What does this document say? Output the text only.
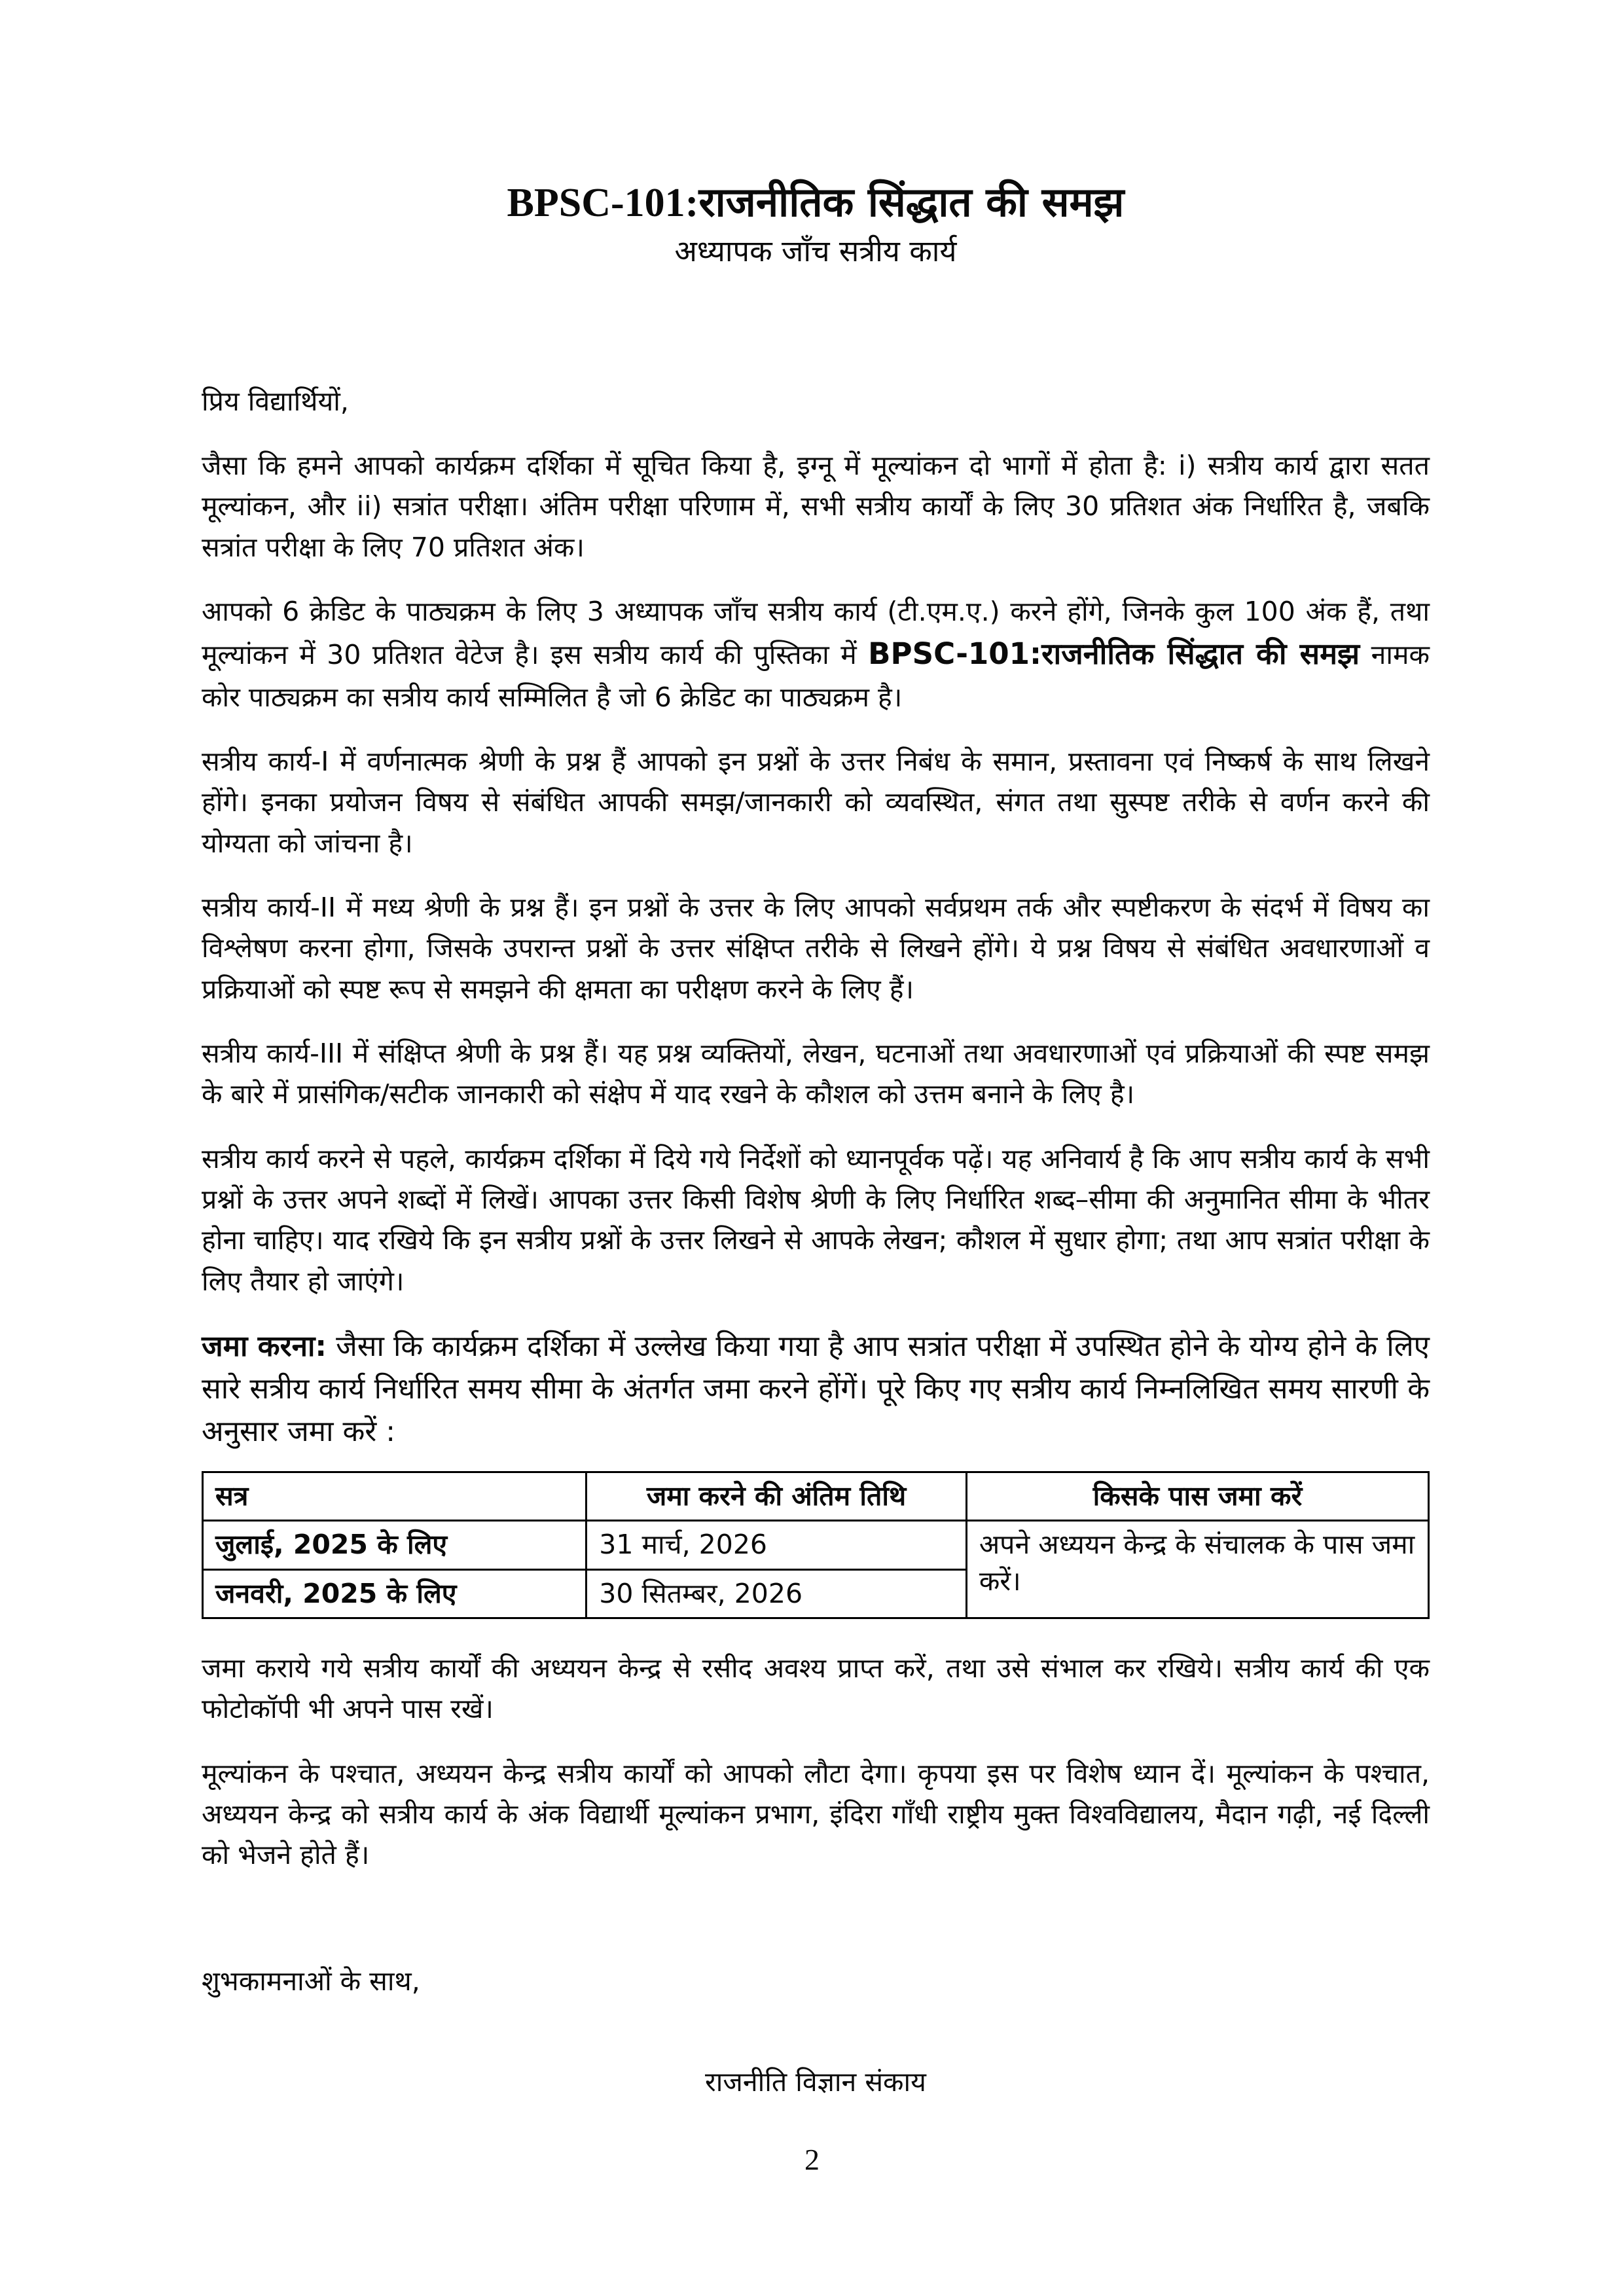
BPSC-101:राजनीतिक सिंद्धात की समझ
अध्यापक जाँच सत्रीय कार्य

प्रिय विद्यार्थियों,

जैसा कि हमने आपको कार्यक्रम दर्शिका में सूचित किया है, इग्नू में मूल्यांकन दो भागों में होता है: i) सत्रीय कार्य द्वारा सतत मूल्यांकन, और ii) सत्रांत परीक्षा। अंतिम परीक्षा परिणाम में, सभी सत्रीय कार्यों के लिए 30 प्रतिशत अंक निर्धारित है, जबकि सत्रांत परीक्षा के लिए 70 प्रतिशत अंक।

आपको 6 क्रेडिट के पाठ्यक्रम के लिए 3 अध्यापक जाँच सत्रीय कार्य (टी.एम.ए.) करने होंगे, जिनके कुल 100 अंक हैं, तथा मूल्यांकन में 30 प्रतिशत वेटेज है। इस सत्रीय कार्य की पुस्तिका में BPSC-101:राजनीतिक सिंद्धात की समझ नामक कोर पाठ्यक्रम का सत्रीय कार्य सम्मिलित है जो 6 क्रेडिट का पाठ्यक्रम है।

सत्रीय कार्य-I में वर्णनात्मक श्रेणी के प्रश्न हैं आपको इन प्रश्नों के उत्तर निबंध के समान, प्रस्तावना एवं निष्कर्ष के साथ लिखने होंगे। इनका प्रयोजन विषय से संबंधित आपकी समझ/जानकारी को व्यवस्थित, संगत तथा सुस्पष्ट तरीके से वर्णन करने की योग्यता को जांचना है।

सत्रीय कार्य-II में मध्य श्रेणी के प्रश्न हैं। इन प्रश्नों के उत्तर के लिए आपको सर्वप्रथम तर्क और स्पष्टीकरण के संदर्भ में विषय का विश्लेषण करना होगा, जिसके उपरान्त प्रश्नों के उत्तर संक्षिप्त तरीके से लिखने होंगे। ये प्रश्न विषय से संबंधित अवधारणाओं व प्रक्रियाओं को स्पष्ट रूप से समझने की क्षमता का परीक्षण करने के लिए हैं।

सत्रीय कार्य-III में संक्षिप्त श्रेणी के प्रश्न हैं। यह प्रश्न व्यक्तियों, लेखन, घटनाओं तथा अवधारणाओं एवं प्रक्रियाओं की स्पष्ट समझ के बारे में प्रासंगिक/सटीक जानकारी को संक्षेप में याद रखने के कौशल को उत्तम बनाने के लिए है।

सत्रीय कार्य करने से पहले, कार्यक्रम दर्शिका में दिये गये निर्देशों को ध्यानपूर्वक पढ़ें। यह अनिवार्य है कि आप सत्रीय कार्य के सभी प्रश्नों के उत्तर अपने शब्दों में लिखें। आपका उत्तर किसी विशेष श्रेणी के लिए निर्धारित शब्द–सीमा की अनुमानित सीमा के भीतर होना चाहिए। याद रखिये कि इन सत्रीय प्रश्नों के उत्तर लिखने से आपके लेखन; कौशल में सुधार होगा; तथा आप सत्रांत परीक्षा के लिए तैयार हो जाएंगे।

जमा करना: जैसा कि कार्यक्रम दर्शिका में उल्लेख किया गया है आप सत्रांत परीक्षा में उपस्थित होने के योग्य होने के लिए सारे सत्रीय कार्य निर्धारित समय सीमा के अंतर्गत जमा करने होंगें। पूरे किए गए सत्रीय कार्य निम्नलिखित समय सारणी के अनुसार जमा करें :

सत्र	जमा करने की अंतिम तिथि	किसके पास जमा करें
जुलाई, 2025 के लिए	31 मार्च, 2026	अपने अध्ययन केन्द्र के संचालक के पास जमा करें।
जनवरी, 2025 के लिए	30 सितम्बर, 2026	

जमा कराये गये सत्रीय कार्यों की अध्ययन केन्द्र से रसीद अवश्य प्राप्त करें, तथा उसे संभाल कर रखिये। सत्रीय कार्य की एक फोटोकॉपी भी अपने पास रखें।

मूल्यांकन के पश्चात, अध्ययन केन्द्र सत्रीय कार्यों को आपको लौटा देगा। कृपया इस पर विशेष ध्यान दें। मूल्यांकन के पश्चात, अध्ययन केन्द्र को सत्रीय कार्य के अंक विद्यार्थी मूल्यांकन प्रभाग, इंदिरा गाँधी राष्ट्रीय मुक्त विश्वविद्यालय, मैदान गढ़ी, नई दिल्ली को भेजने होते हैं।

शुभकामनाओं के साथ,

राजनीति विज्ञान संकाय

2
